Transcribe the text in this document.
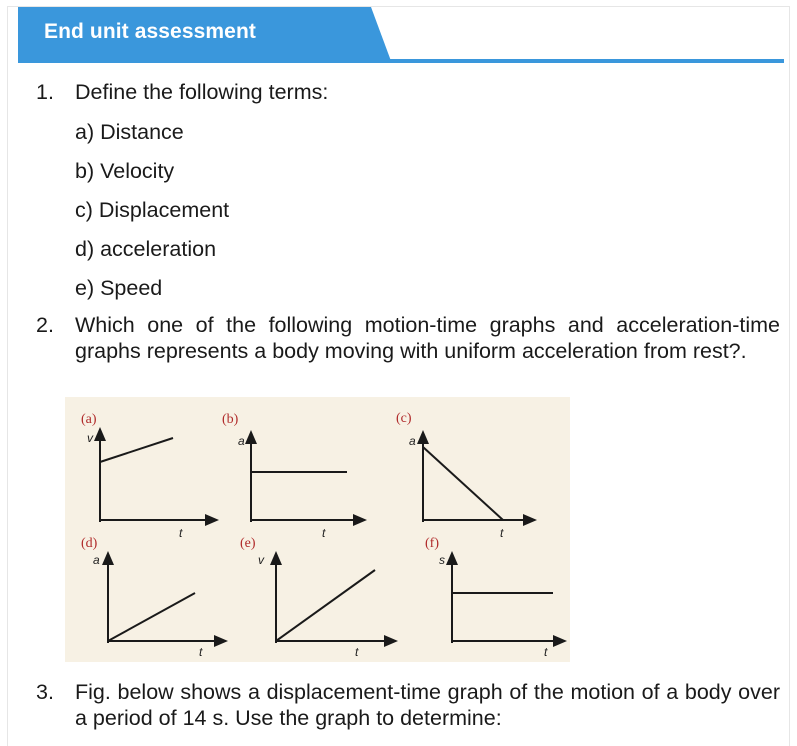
End unit assessment
1. Define the following terms:
a) Distance
b) Velocity
c) Displacement
d) acceleration
e) Speed
2. Which one of the following motion-time graphs and acceleration-time graphs represents a body moving with uniform acceleration from rest?.
(a)	(b)	(c)
(d)	(e)	(f)
v
t
a
t
a
t
a
t
v
t
s
t
3. Fig. below shows a displacement-time graph of the motion of a body over a period of 14 s. Use the graph to determine:
